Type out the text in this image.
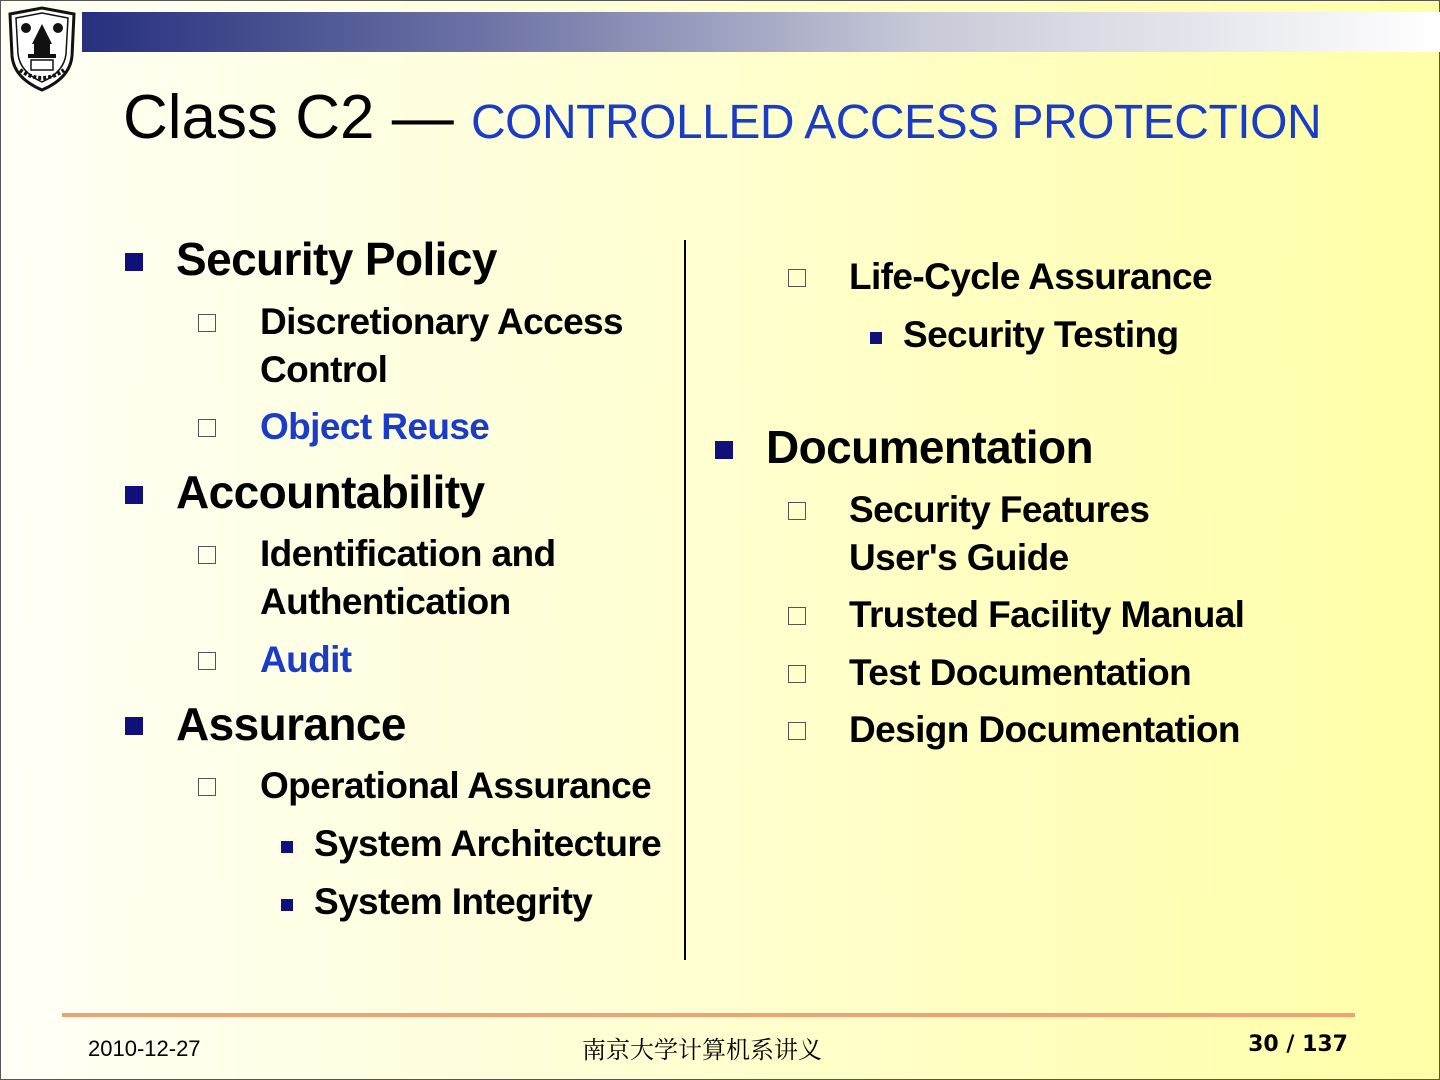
Class C2 — CONTROLLED ACCESS PROTECTION
Security Policy
Discretionary Access
Control
Object Reuse
Accountability
Identification and
Authentication
Audit
Assurance
Operational Assurance
System Architecture
System Integrity
Life-Cycle Assurance
Security Testing
Documentation
Security Features
User's Guide
Trusted Facility Manual
Test Documentation
Design Documentation
2010-12-27	南京大学计算机系讲义	30 / 137
